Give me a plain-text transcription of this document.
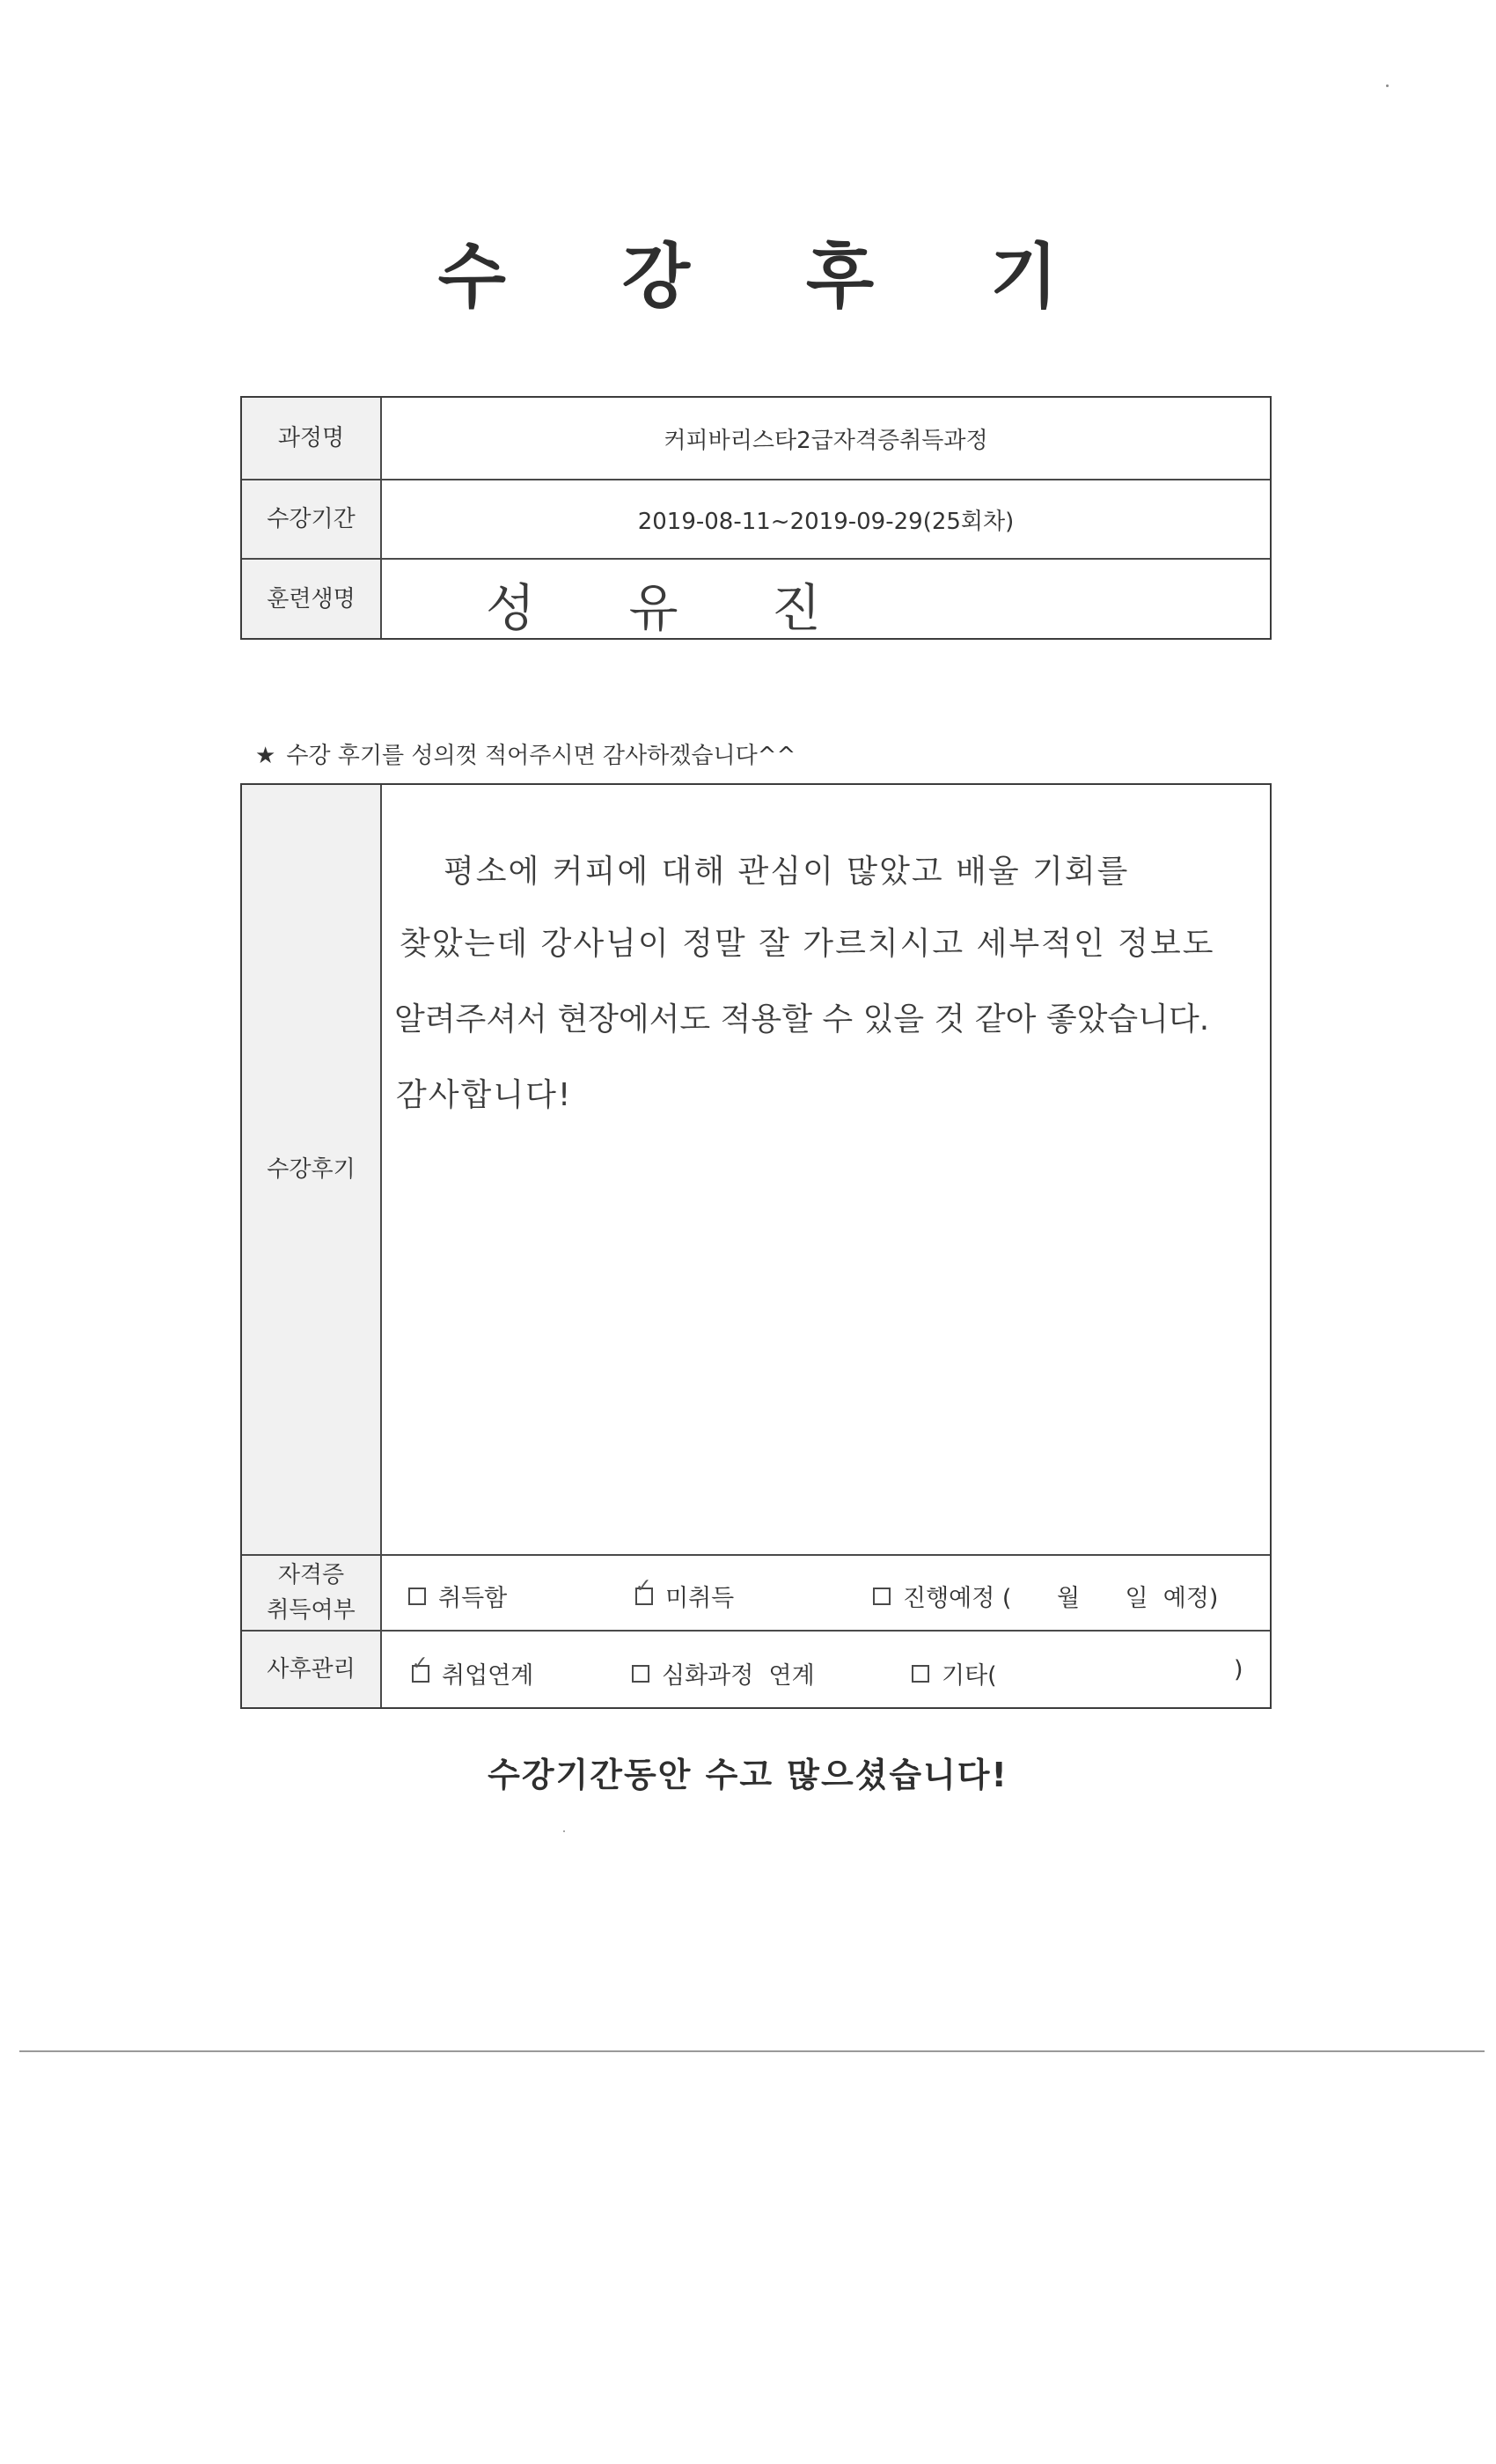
수 강 후 기
과정명	커피바리스타2급자격증취득과정
수강기간	2019-08-11~2019-09-29(25회차)
훈련생명	성 유 진
★ 수강 후기를 성의껏 적어주시면 감사하겠습니다^^
수강후기
평소에 커피에 대해 관심이 많았고 배울 기회를
찾았는데 강사님이 정말 잘 가르치시고 세부적인 정보도
알려주셔서 현장에서도 적용할 수 있을 것 같아 좋았습니다.
감사합니다!
자격증
취득여부	취득함	✓ 미취득	진행예정 (      월      일  예정)
사후관리	✓ 취업연계	심화과정  연계	기타(	)
수강기간동안 수고 많으셨습니다!
